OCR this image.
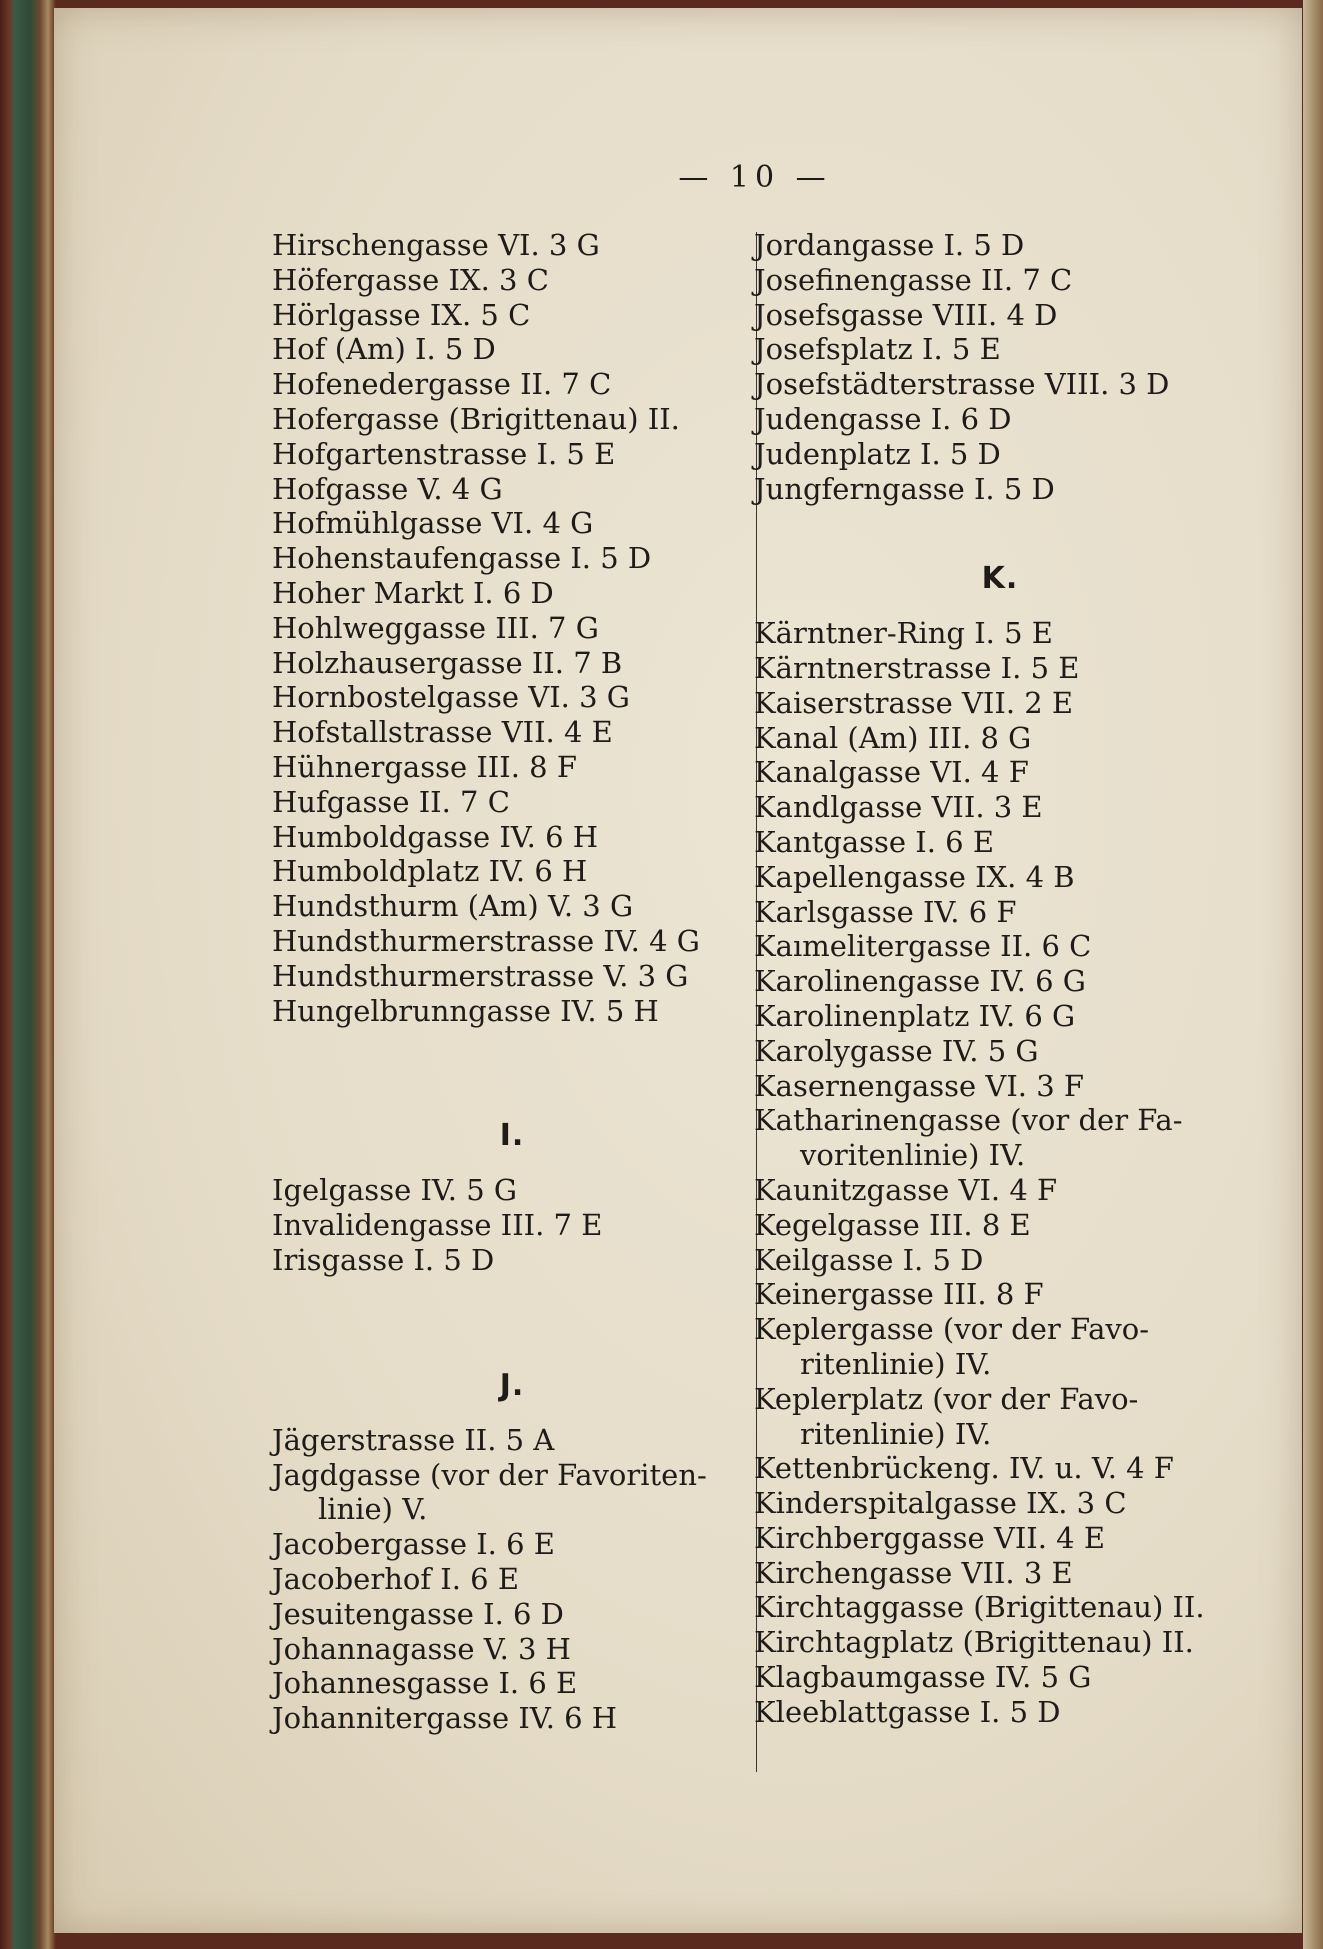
— 10 —
Hirschengasse VI. 3 G
Höfergasse IX. 3 C
Hörlgasse IX. 5 C
Hof (Am) I. 5 D
Hofenedergasse II. 7 C
Hofergasse (Brigittenau) II.
Hofgartenstrasse I. 5 E
Hofgasse V. 4 G
Hofmühlgasse VI. 4 G
Hohenstaufengasse I. 5 D
Hoher Markt I. 6 D
Hohlweggasse III. 7 G
Holzhausergasse II. 7 B
Hornbostelgasse VI. 3 G
Hofstallstrasse VII. 4 E
Hühnergasse III. 8 F
Hufgasse II. 7 C
Humboldgasse IV. 6 H
Humboldplatz IV. 6 H
Hundsthurm (Am) V. 3 G
Hundsthurmerstrasse IV. 4 G
Hundsthurmerstrasse V. 3 G
Hungelbrunngasse IV. 5 H
I.
Igelgasse IV. 5 G
Invalidengasse III. 7 E
Irisgasse I. 5 D
J.
Jägerstrasse II. 5 A
Jagdgasse (vor der Favoriten-
linie) V.
Jacobergasse I. 6 E
Jacoberhof I. 6 E
Jesuitengasse I. 6 D
Johannagasse V. 3 H
Johannesgasse I. 6 E
Johannitergasse IV. 6 H
Jordangasse I. 5 D
Josefinengasse II. 7 C
Josefsgasse VIII. 4 D
Josefsplatz I. 5 E
Josefstädterstrasse VIII. 3 D
Judengasse I. 6 D
Judenplatz I. 5 D
Jungferngasse I. 5 D
K.
Kärntner-Ring I. 5 E
Kärntnerstrasse I. 5 E
Kaiserstrasse VII. 2 E
Kanal (Am) III. 8 G
Kanalgasse VI. 4 F
Kandlgasse VII. 3 E
Kantgasse I. 6 E
Kapellengasse IX. 4 B
Karlsgasse IV. 6 F
Kaımelitergasse II. 6 C
Karolinengasse IV. 6 G
Karolinenplatz IV. 6 G
Karolygasse IV. 5 G
Kasernengasse VI. 3 F
Katharinengasse (vor der Fa-
voritenlinie) IV.
Kaunitzgasse VI. 4 F
Kegelgasse III. 8 E
Keilgasse I. 5 D
Keinergasse III. 8 F
Keplergasse (vor der Favo-
ritenlinie) IV.
Keplerplatz (vor der Favo-
ritenlinie) IV.
Kettenbrückeng. IV. u. V. 4 F
Kinderspitalgasse IX. 3 C
Kirchberggasse VII. 4 E
Kirchengasse VII. 3 E
Kirchtaggasse (Brigittenau) II.
Kirchtagplatz (Brigittenau) II.
Klagbaumgasse IV. 5 G
Kleeblattgasse I. 5 D
